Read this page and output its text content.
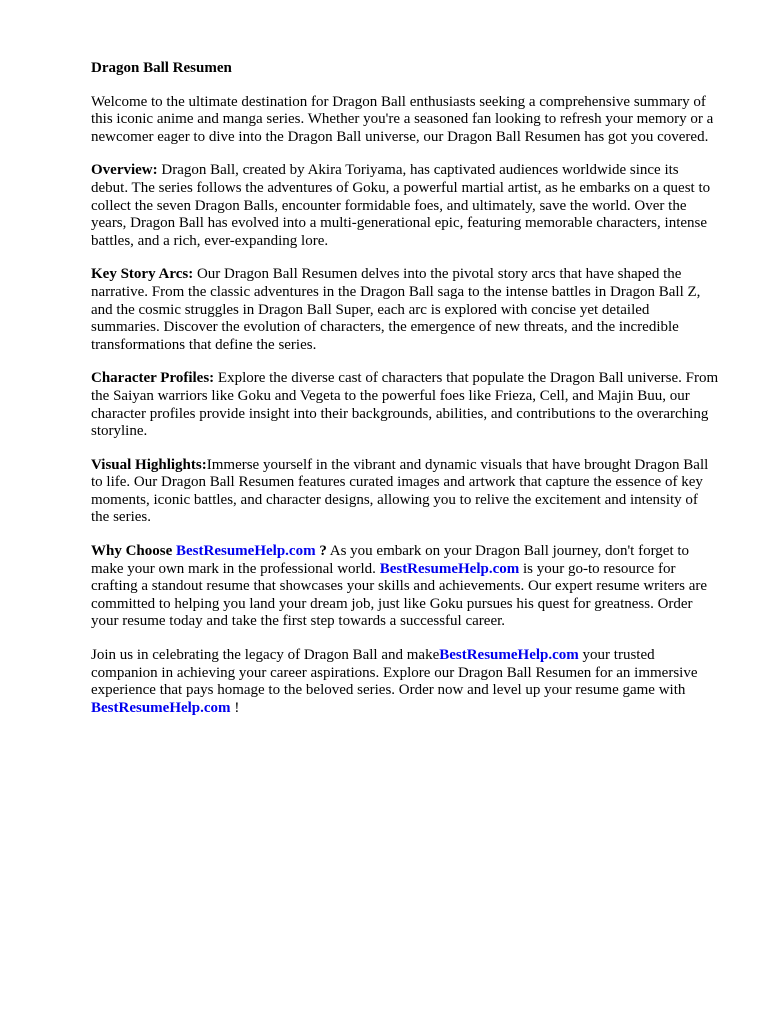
Dragon Ball Resumen

Welcome to the ultimate destination for Dragon Ball enthusiasts seeking a comprehensive summary of this iconic anime and manga series. Whether you're a seasoned fan looking to refresh your memory or a newcomer eager to dive into the Dragon Ball universe, our Dragon Ball Resumen has got you covered.

Overview: Dragon Ball, created by Akira Toriyama, has captivated audiences worldwide since its debut. The series follows the adventures of Goku, a powerful martial artist, as he embarks on a quest to collect the seven Dragon Balls, encounter formidable foes, and ultimately, save the world. Over the years, Dragon Ball has evolved into a multi-generational epic, featuring memorable characters, intense battles, and a rich, ever-expanding lore.

Key Story Arcs: Our Dragon Ball Resumen delves into the pivotal story arcs that have shaped the narrative. From the classic adventures in the Dragon Ball saga to the intense battles in Dragon Ball Z, and the cosmic struggles in Dragon Ball Super, each arc is explored with concise yet detailed summaries. Discover the evolution of characters, the emergence of new threats, and the incredible transformations that define the series.

Character Profiles: Explore the diverse cast of characters that populate the Dragon Ball universe. From the Saiyan warriors like Goku and Vegeta to the powerful foes like Frieza, Cell, and Majin Buu, our character profiles provide insight into their backgrounds, abilities, and contributions to the overarching storyline.

Visual Highlights:Immerse yourself in the vibrant and dynamic visuals that have brought Dragon Ball to life. Our Dragon Ball Resumen features curated images and artwork that capture the essence of key moments, iconic battles, and character designs, allowing you to relive the excitement and intensity of the series.

Why Choose BestResumeHelp.com ? As you embark on your Dragon Ball journey, don't forget to make your own mark in the professional world. BestResumeHelp.com is your go-to resource for crafting a standout resume that showcases your skills and achievements. Our expert resume writers are committed to helping you land your dream job, just like Goku pursues his quest for greatness. Order your resume today and take the first step towards a successful career.

Join us in celebrating the legacy of Dragon Ball and makeBestResumeHelp.com your trusted companion in achieving your career aspirations. Explore our Dragon Ball Resumen for an immersive experience that pays homage to the beloved series. Order now and level up your resume game with BestResumeHelp.com !
